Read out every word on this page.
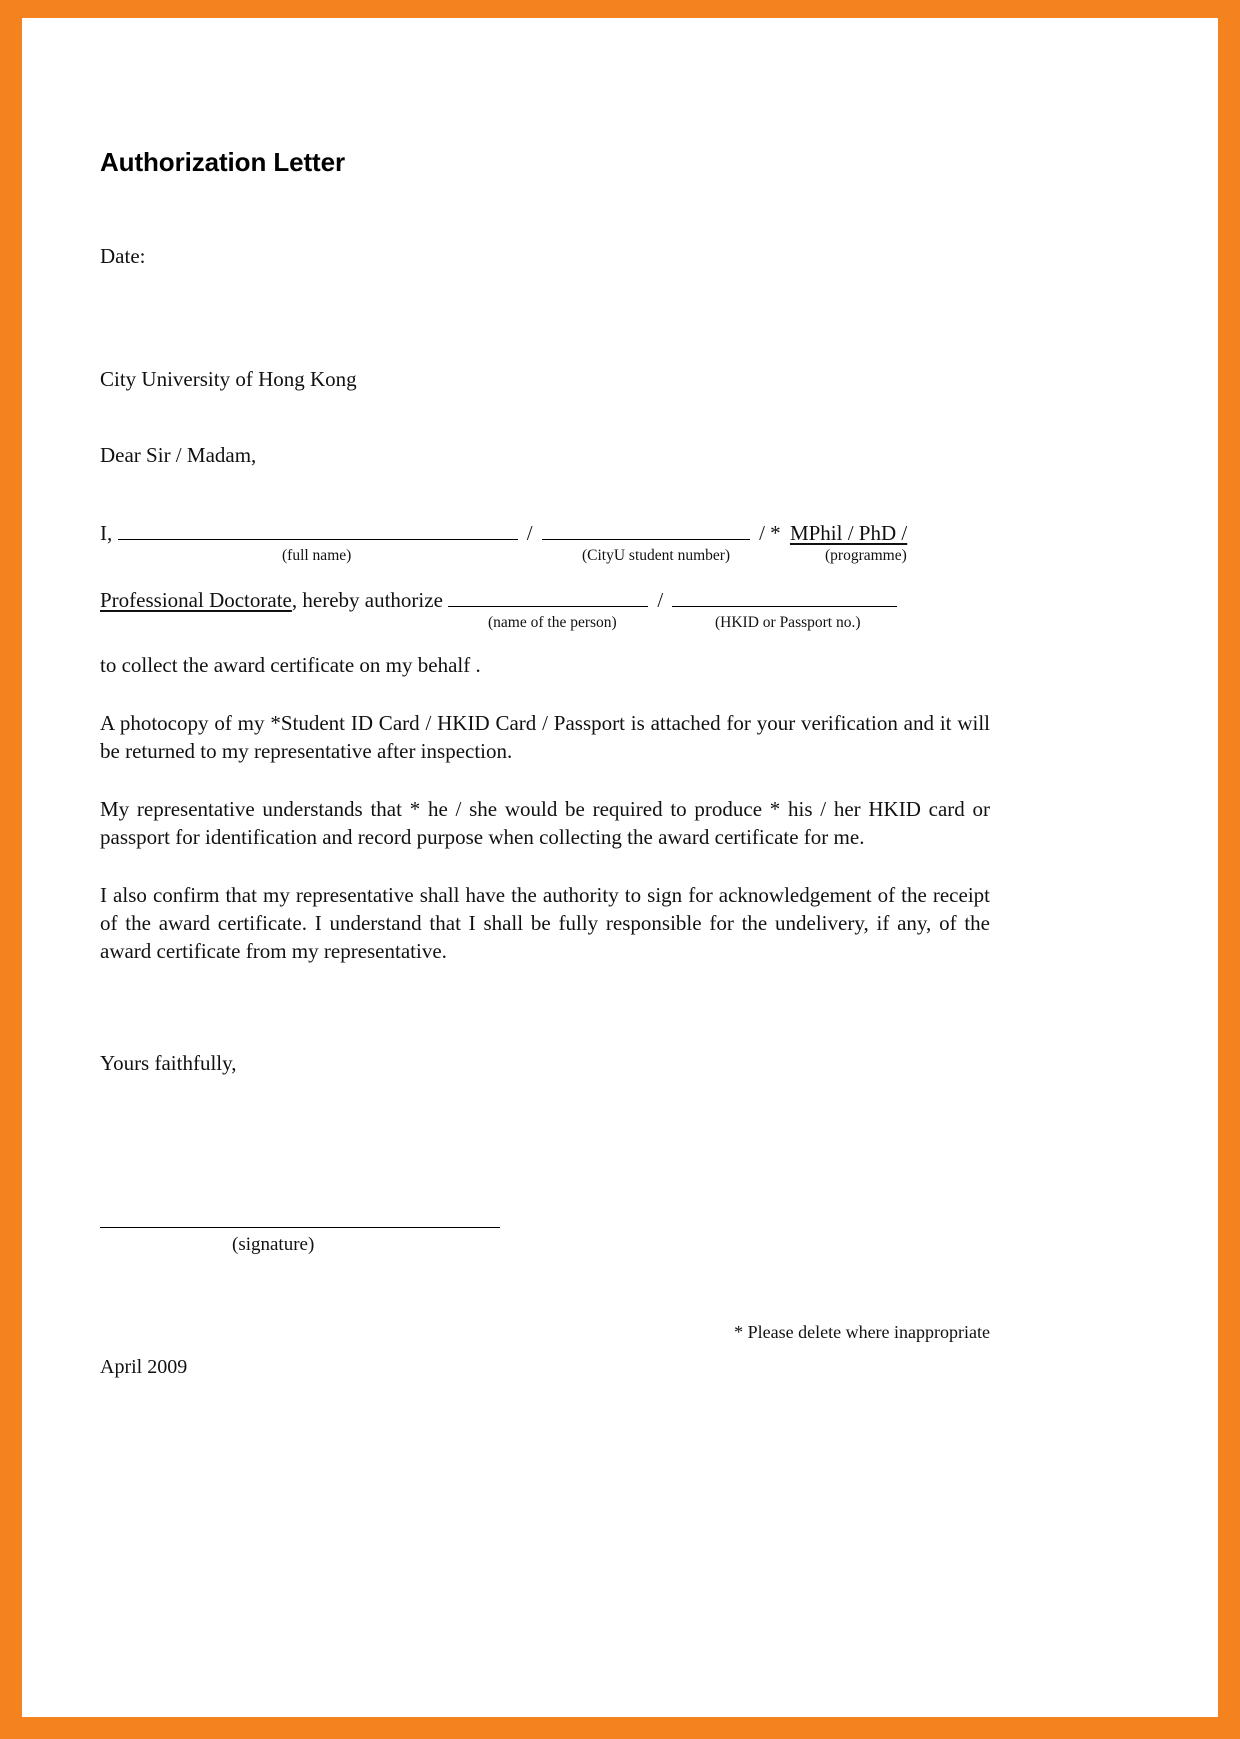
Authorization Letter

Date:

City University of Hong Kong

Dear Sir / Madam,

I,	/	/ * MPhil / PhD /
(full name)	(CityU student number)	(programme)
Professional Doctorate, hereby authorize	/
(name of the person)	(HKID or Passport no.)

to collect the award certificate on my behalf .

A photocopy of my *Student ID Card / HKID Card / Passport is attached for your verification and it will be returned to my representative after inspection.

My representative understands that * he / she would be required to produce * his / her HKID card or passport for identification and record purpose when collecting the award certificate for me.

I also confirm that my representative shall have the authority to sign for acknowledgement of the receipt of the award certificate. I understand that I shall be fully responsible for the undelivery, if any, of the award certificate from my representative.

Yours faithfully,

(signature)
* Please delete where inappropriate
April 2009
